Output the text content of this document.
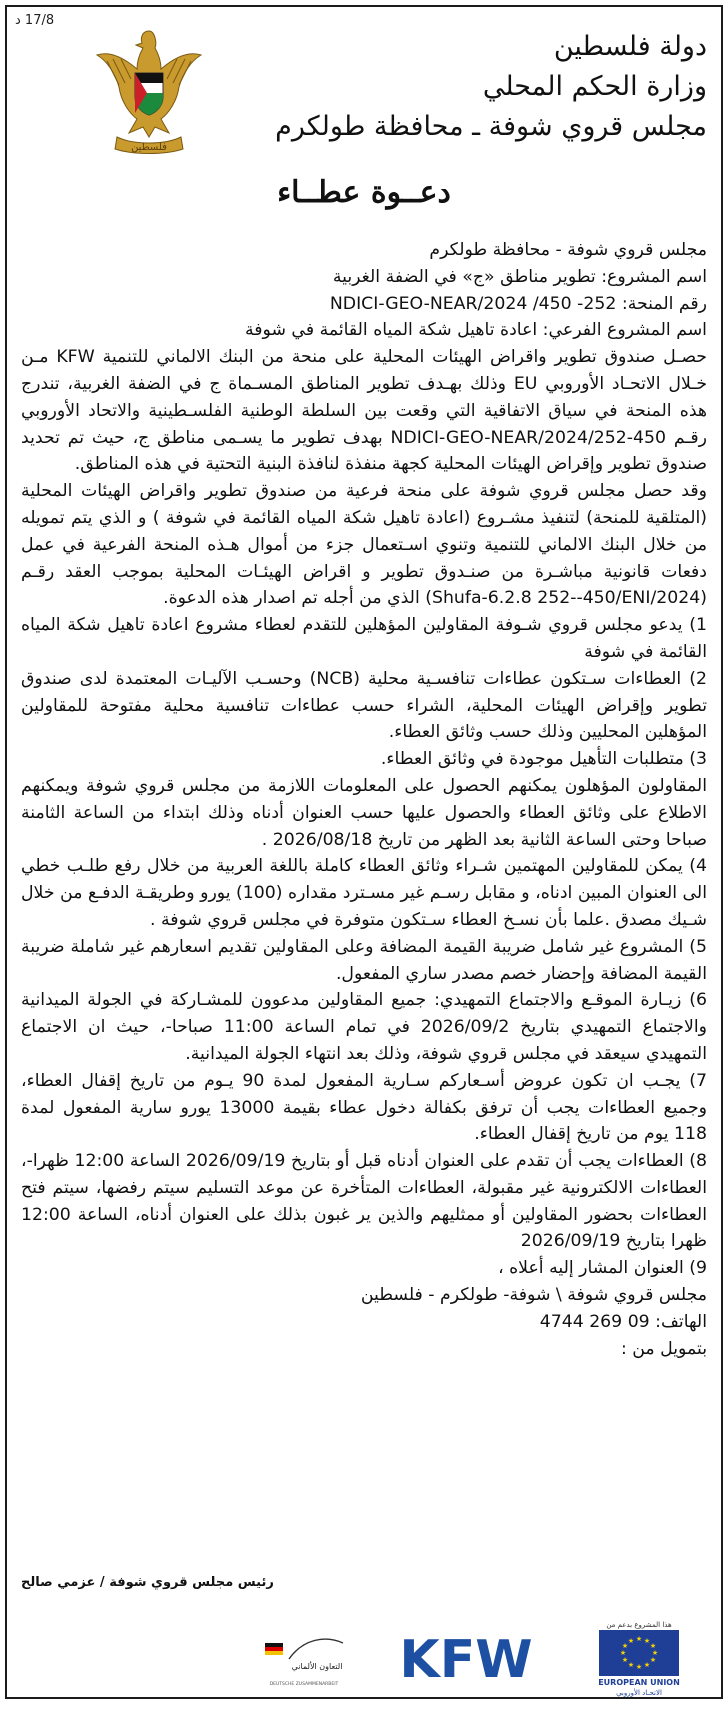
17/8 د
دولة فلسطين
وزارة الحكم المحلي
مجلس قروي شوفة ـ محافظة طولكرم
فلسطين
دعــوة عطــاء

مجلس قروي شوفة - محافظة طولكرم

اسم المشروع: تطوير مناطق «ج» في الضفة الغربية

رقم المنحة: 252- 450/ NDICI-GEO-NEAR/2024

اسم المشروع الفرعي: اعادة تاهيل شكة المياه القائمة في شوفة

حصـل صندوق تطوير واقراض الهيئات المحلية على منحة من البنك الالماني للتنمية KFW مـن خـلال الاتحـاد الأوروبي EU وذلك بهـدف تطوير المناطق المسـماة ج في الضفة الغربية، تندرج هذه المنحة في سياق الاتفاقية التي وقعت بين السلطة الوطنية الفلسـطينية والاتحاد الأوروبي رقـم NDICI-GEO-NEAR/2024/252-450 بهدف تطوير ما يسـمى مناطق ج، حيث تم تحديد صندوق تطوير وإقراض الهيئات المحلية كجهة منفذة لنافذة البنية التحتية في هذه المناطق.

وقد حصل مجلس قروي شوفة على منحة فرعية من صندوق تطوير واقراض الهيئات المحلية (المتلقية للمنحة) لتنفيذ مشـروع (اعادة تاهيل شكة المياه القائمة في شوفة ) و الذي يتم تمويله من خلال البنك الالماني للتنمية وتنوي اسـتعمال جزء من أموال هـذه المنحة الفرعية في عمل دفعات قانونية مباشـرة من صنـدوق تطوير و اقراض الهيئـات المحلية بموجب العقد رقـم (Shufa-6.2.8 252--450/ENI/2024) الذي من أجله تم اصدار هذه الدعوة.

1) يدعو مجلس قروي شـوفة المقاولين المؤهلين للتقدم لعطاء مشروع اعادة تاهيل شكة المياه القائمة في شوفة

2) العطاءات سـتكون عطاءات تنافسـية محلية (NCB) وحسـب الآليـات المعتمدة لدى صندوق تطوير وإقراض الهيئات المحلية، الشراء حسب عطاءات تنافسية محلية مفتوحة للمقاولين المؤهلين المحليين وذلك حسب وثائق العطاء.

3) متطلبات التأهيل موجودة في وثائق العطاء.

المقاولون المؤهلون يمكنهم الحصول على المعلومات اللازمة من مجلس قروي شوفة ويمكنهم الاطلاع على وثائق العطاء والحصول عليها حسب العنوان أدناه وذلك ابتداء من الساعة الثامنة صباحا وحتى الساعة الثانية بعد الظهر من تاريخ 2026/08/18 .

4) يمكن للمقاولين المهتمين شـراء وثائق العطاء كاملة باللغة العربية من خلال رفع طلـب خطي الى العنوان المبين ادناه، و مقابل رسـم غير مسـترد مقداره (100) يورو وطريقـة الدفـع من خلال شـيك مصدق .علما بأن نسـخ العطاء سـتكون متوفرة في مجلس قروي شوفة .

5) المشروع غير شامل ضريبة القيمة المضافة وعلى المقاولين تقديم اسعارهم غير شاملة ضريبة القيمة المضافة وإحضار خصم مصدر ساري المفعول.

6) زيـارة الموقـع والاجتماع التمهيدي: جميع المقاولين مدعوون للمشـاركة في الجولة الميدانية والاجتماع التمهيدي بتاريخ 2026/09/2 في تمام الساعة 11:00 صباحا-، حيث ان الاجتماع التمهيدي سيعقد في مجلس قروي شوفة، وذلك بعد انتهاء الجولة الميدانية.

7) يجـب ان تكون عروض أسـعاركم سـارية المفعول لمدة 90 يـوم من تاريخ إقفال العطاء، وجميع العطاءات يجب أن ترفق بكفالة دخول عطاء بقيمة 13000 يورو سارية المفعول لمدة 118 يوم من تاريخ إقفال العطاء.

8) العطاءات يجب أن تقدم على العنوان أدناه قبل أو بتاريخ 2026/09/19 الساعة 12:00 ظهرا-، العطاءات الالكترونية غير مقبولة، العطاءات المتأخرة عن موعد التسليم سيتم رفضها، سيتم فتح العطاءات بحضور المقاولين أو ممثليهم والذين ير غبون بذلك على العنوان أدناه، الساعة 12:00 ظهرا بتاريخ 2026/09/19

9) العنوان المشار إليه أعلاه ،

مجلس قروي شوفة \ شوفة- طولكرم - فلسطين

الهاتف: 09 269 4744

بتمويل من :

رئيس مجلس قروي شوفة / عزمي صالح
هذا المشروع بدعم من
★ ★
★
★
★
★
★
★
★
★
★
★
EUROPEAN UNION
الاتحـاد الأوروبي
KFW
التعاون الألماني
DEUTSCHE ZUSAMMENARBEIT
